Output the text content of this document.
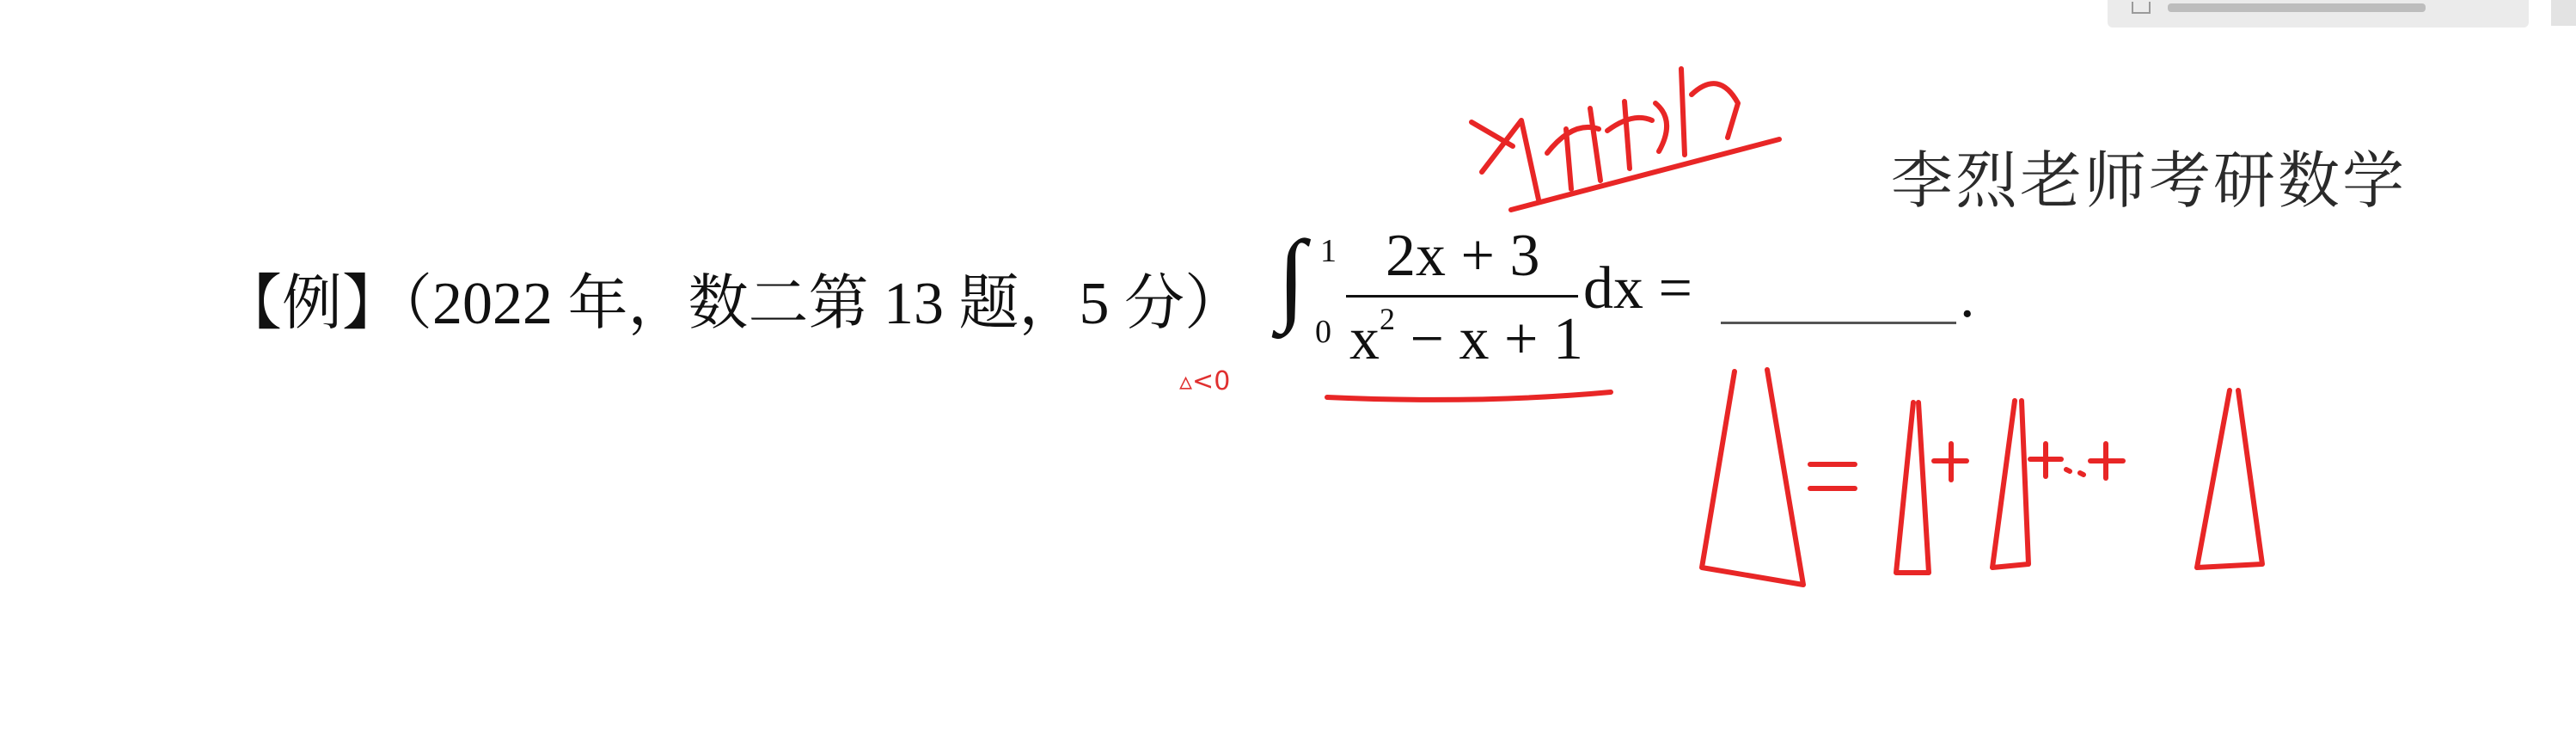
李烈老师考研数学
【例】（2022 年，数二第 13 题，5 分） ∫ 1
0
2x + 3
$x^2 - x + 1$
dx =	.
▵<0
